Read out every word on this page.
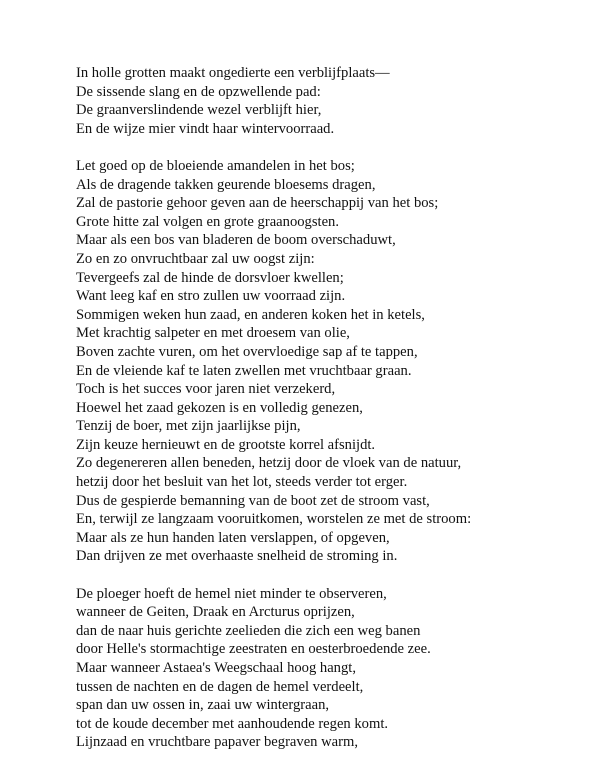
In holle grotten maakt ongedierte een verblijfplaats—
De sissende slang en de opzwellende pad:
De graanverslindende wezel verblijft hier,
En de wijze mier vindt haar wintervoorraad.
Let goed op de bloeiende amandelen in het bos;
Als de dragende takken geurende bloesems dragen,
Zal de pastorie gehoor geven aan de heerschappij van het bos;
Grote hitte zal volgen en grote graanoogsten.
Maar als een bos van bladeren de boom overschaduwt,
Zo en zo onvruchtbaar zal uw oogst zijn:
Tevergeefs zal de hinde de dorsvloer kwellen;
Want leeg kaf en stro zullen uw voorraad zijn.
Sommigen weken hun zaad, en anderen koken het in ketels,
Met krachtig salpeter en met droesem van olie,
Boven zachte vuren, om het overvloedige sap af te tappen,
En de vleiende kaf te laten zwellen met vruchtbaar graan.
Toch is het succes voor jaren niet verzekerd,
Hoewel het zaad gekozen is en volledig genezen,
Tenzij de boer, met zijn jaarlijkse pijn,
Zijn keuze hernieuwt en de grootste korrel afsnijdt.
Zo degenereren allen beneden, hetzij door de vloek van de natuur,
hetzij door het besluit van het lot, steeds verder tot erger.
Dus de gespierde bemanning van de boot zet de stroom vast,
En, terwijl ze langzaam vooruitkomen, worstelen ze met de stroom:
Maar als ze hun handen laten verslappen, of opgeven,
Dan drijven ze met overhaaste snelheid de stroming in.
De ploeger hoeft de hemel niet minder te observeren,
wanneer de Geiten, Draak en Arcturus oprijzen,
dan de naar huis gerichte zeelieden die zich een weg banen
door Helle's stormachtige zeestraten en oesterbroedende zee.
Maar wanneer Astaea's Weegschaal hoog hangt,
tussen de nachten en de dagen de hemel verdeelt,
span dan uw ossen in, zaai uw wintergraan,
tot de koude december met aanhoudende regen komt.
Lijnzaad en vruchtbare papaver begraven warm,
